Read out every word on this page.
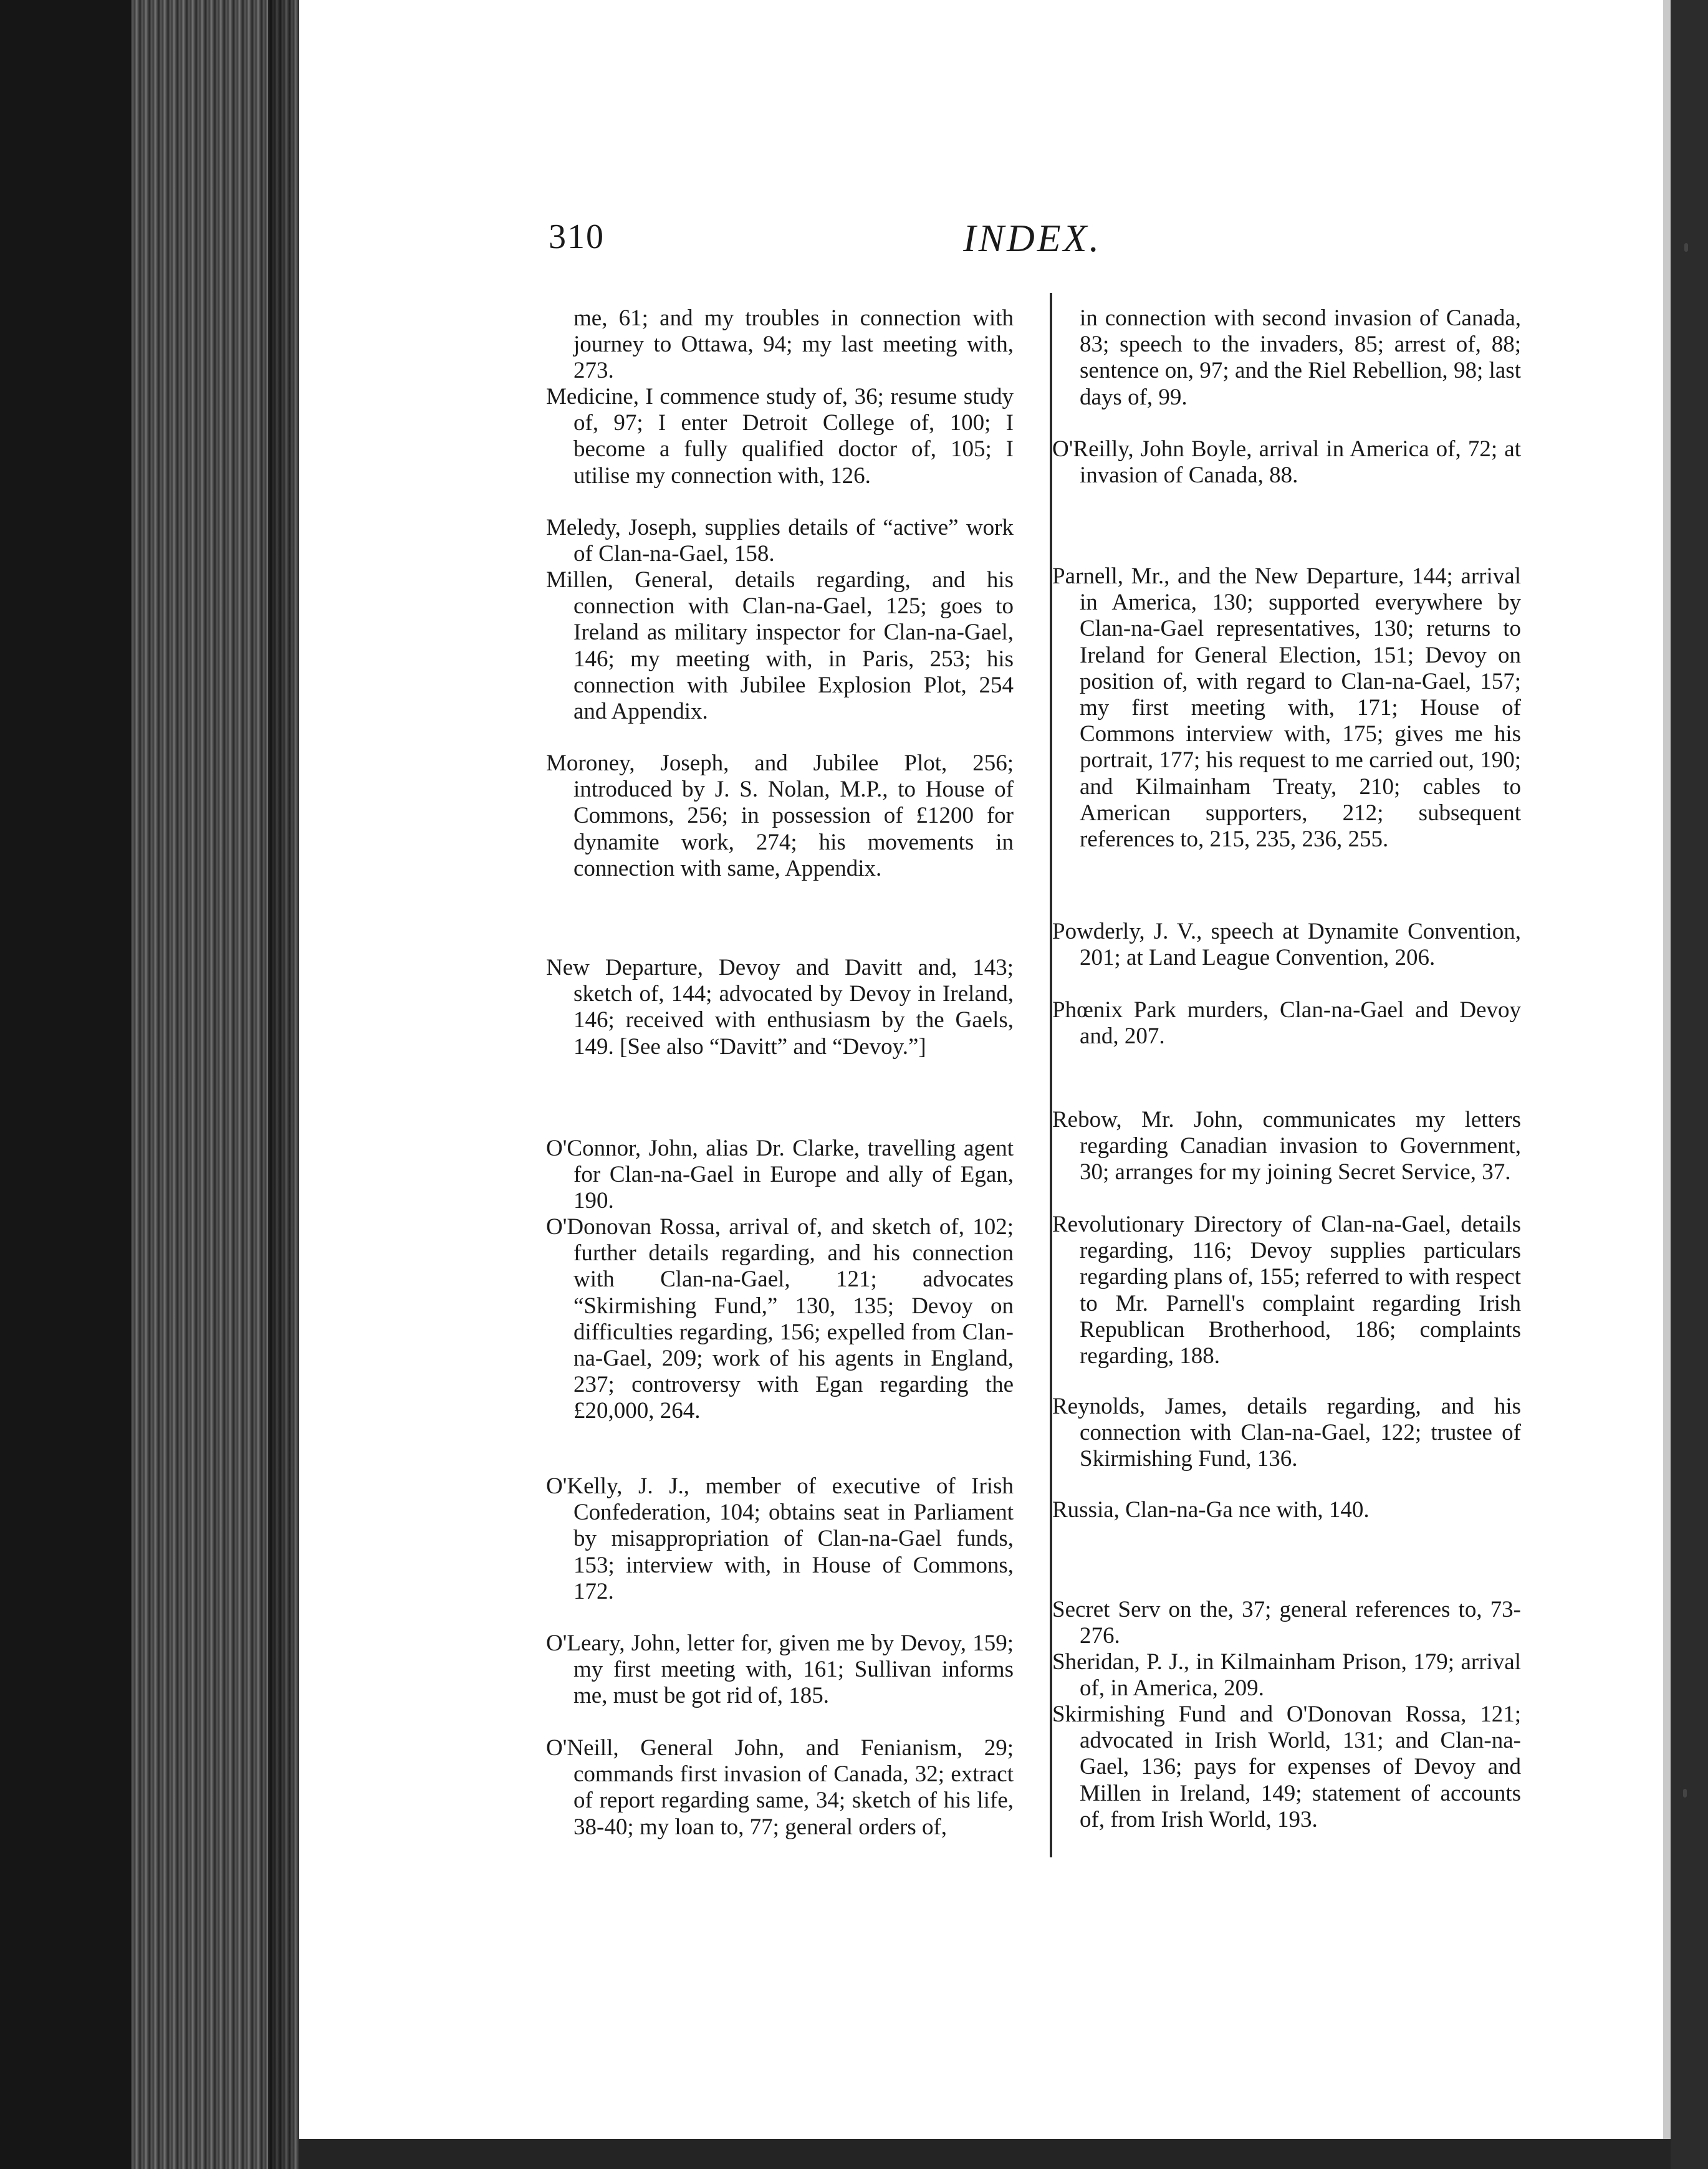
310	INDEX.
me, 61; and my troubles in connection with journey to Ottawa, 94; my last meeting with, 273.
Medicine, I commence study of, 36; resume study of, 97; I enter Detroit College of, 100; I become a fully qualified doctor of, 105; I utilise my connection with, 126.
Meledy, Joseph, supplies details of “active” work of Clan-na-Gael, 158.
Millen, General, details regarding, and his connection with Clan-na-Gael, 125; goes to Ireland as military inspector for Clan-na-Gael, 146; my meeting with, in Paris, 253; his connection with Jubilee Explosion Plot, 254 and Appendix.
Moroney, Joseph, and Jubilee Plot, 256; introduced by J. S. Nolan, M.P., to House of Commons, 256; in possession of £1200 for dynamite work, 274; his movements in connection with same, Appendix.
New Departure, Devoy and Davitt and, 143; sketch of, 144; advocated by Devoy in Ireland, 146; received with enthusiasm by the Gaels, 149. [See also “Davitt” and “Devoy.”]
O'Connor, John, alias Dr. Clarke, travelling agent for Clan-na-Gael in Europe and ally of Egan, 190.
O'Donovan Rossa, arrival of, and sketch of, 102; further details regarding, and his connection with Clan-na-Gael, 121; advocates “Skirmishing Fund,” 130, 135; Devoy on difficulties regarding, 156; expelled from Clan-na-Gael, 209; work of his agents in England, 237; controversy with Egan regarding the £20,000, 264.
O'Kelly, J. J., member of executive of Irish Confederation, 104; obtains seat in Parliament by misappropriation of Clan-na-Gael funds, 153; interview with, in House of Commons, 172.
O'Leary, John, letter for, given me by Devoy, 159; my first meeting with, 161; Sullivan informs me, must be got rid of, 185.
O'Neill, General John, and Fenianism, 29; commands first invasion of Canada, 32; extract of report regarding same, 34; sketch of his life, 38-40; my loan to, 77; general orders of,
in connection with second invasion of Canada, 83; speech to the invaders, 85; arrest of, 88; sentence on, 97; and the Riel Rebellion, 98; last days of, 99.
O'Reilly, John Boyle, arrival in America of, 72; at invasion of Canada, 88.
Parnell, Mr., and the New Departure, 144; arrival in America, 130; supported everywhere by Clan-na-Gael representatives, 130; returns to Ireland for General Election, 151; Devoy on position of, with regard to Clan-na-Gael, 157; my first meeting with, 171; House of Commons interview with, 175; gives me his portrait, 177; his request to me carried out, 190; and Kilmainham Treaty, 210; cables to American supporters, 212; subsequent references to, 215, 235, 236, 255.
Powderly, J. V., speech at Dynamite Convention, 201; at Land League Convention, 206.
Phœnix Park murders, Clan-na-Gael and Devoy and, 207.
Rebow, Mr. John, communicates my letters regarding Canadian invasion to Government, 30; arranges for my joining Secret Service, 37.
Revolutionary Directory of Clan-na-Gael, details regarding, 116; Devoy supplies particulars regarding plans of, 155; referred to with respect to Mr. Parnell's complaint regarding Irish Republican Brotherhood, 186; complaints regarding, 188.
Reynolds, James, details regarding, and his connection with Clan-na-Gael, 122; trustee of Skirmishing Fund, 136.
Russia, Clan-na-Ga nce with, 140.
Secret Serv on the, 37; general references to, 73-276.
Sheridan, P. J., in Kilmainham Prison, 179; arrival of, in America, 209.
Skirmishing Fund and O'Donovan Rossa, 121; advocated in Irish World, 131; and Clan-na-Gael, 136; pays for expenses of Devoy and Millen in Ireland, 149; statement of accounts of, from Irish World, 193.
